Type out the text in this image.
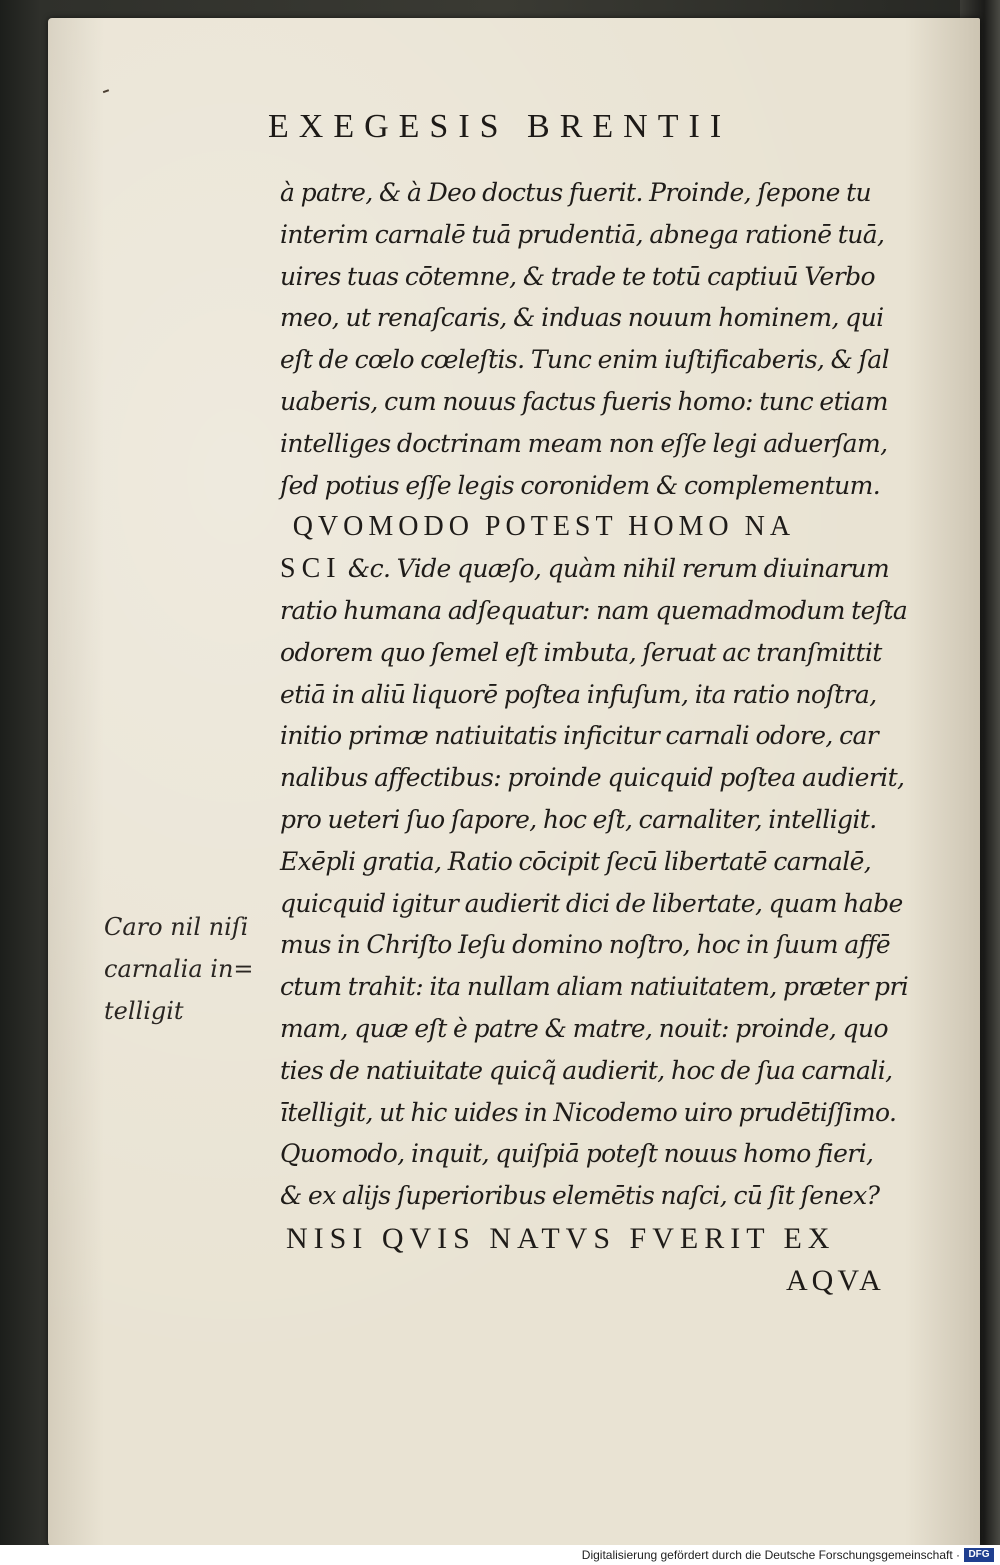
EXEGESIS BRENTII
à patre, & à Deo doctus fuerit. Proinde, ſepone tu
interim carnalē tuā prudentiā, abnega rationē tuā,
uires tuas cōtemne, & trade te totū captiuū Verbo
meo, ut renaſcaris, & induas nouum hominem, qui
eſt de cœlo cœleſtis. Tunc enim iuſtificaberis, & ſal
uaberis, cum nouus factus fueris homo: tunc etiam
intelliges doctrinam meam non eſſe legi aduerſam,
ſed potius eſſe legis coronidem & complementum.
QVOMODO POTEST HOMO NA
SCI &c. Vide quæſo, quàm nihil rerum diuinarum
ratio humana adſequatur: nam quemadmodum teſta
odorem quo ſemel eſt imbuta, ſeruat ac tranſmittit
etiā in aliū liquorē poſtea infuſum, ita ratio noſtra,
initio primæ natiuitatis inficitur carnali odore, car
nalibus affectibus: proinde quicquid poſtea audierit,
pro ueteri ſuo ſapore, hoc eſt, carnaliter, intelligit.
Exēpli gratia, Ratio cōcipit ſecū libertatē carnalē,
quicquid igitur audierit dici de libertate, quam habe
mus in Chriſto Ieſu domino noſtro, hoc in ſuum affē
ctum trahit: ita nullam aliam natiuitatem, præter pri
mam, quæ eſt è patre & matre, nouit: proinde, quo
ties de natiuitate quicq̃ audierit, hoc de ſua carnali,
ītelligit, ut hic uides in Nicodemo uiro prudētiſſimo.
Quomodo, inquit, quiſpiā poteſt nouus homo fieri,
& ex alijs ſuperioribus elemētis naſci, cū ſit ſenex?
NISI QVIS NATVS FVERIT EX
AQVA
Caro nil niſi
carnalia in=
telligit
Digitalisierung gefördert durch die Deutsche Forschungsgemeinschaft · DFG
